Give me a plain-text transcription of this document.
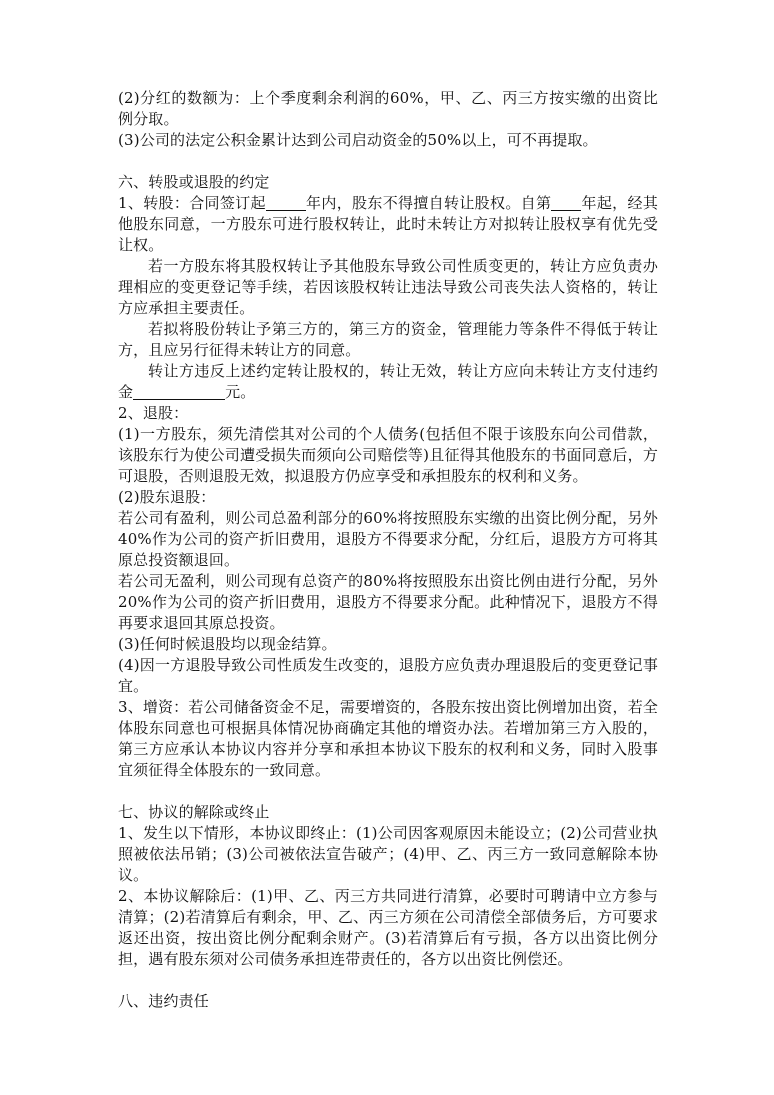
(2)分红的数额为：上个季度剩余利润的60%，甲、乙、丙三方按实缴的出资比例分取。

(3)公司的法定公积金累计达到公司启动资金的50%以上，可不再提取。

六、转股或退股的约定

1、转股：合同签订起	年内，股东不得擅自转让股权。自第 年起，经其他股东同意，一方股东可进行股权转让，此时未转让方对拟转让股权享有优先受让权。

若一方股东将其股权转让予其他股东导致公司性质变更的，转让方应负责办理相应的变更登记等手续，若因该股权转让违法导致公司丧失法人资格的，转让方应承担主要责任。

若拟将股份转让予第三方的，第三方的资金，管理能力等条件不得低于转让方，且应另行征得未转让方的同意。

转让方违反上述约定转让股权的，转让无效，转让方应向未转让方支付违约金	元。

2、退股：

(1)一方股东，须先清偿其对公司的个人债务(包括但不限于该股东向公司借款，该股东行为使公司遭受损失而须向公司赔偿等)且征得其他股东的书面同意后，方可退股，否则退股无效，拟退股方仍应享受和承担股东的权利和义务。

(2)股东退股：

若公司有盈利，则公司总盈利部分的60%将按照股东实缴的出资比例分配，另外40%作为公司的资产折旧费用，退股方不得要求分配，分红后，退股方方可将其原总投资额退回。

若公司无盈利，则公司现有总资产的80%将按照股东出资比例由进行分配，另外20%作为公司的资产折旧费用，退股方不得要求分配。此种情况下，退股方不得再要求退回其原总投资。

(3)任何时候退股均以现金结算。

(4)因一方退股导致公司性质发生改变的，退股方应负责办理退股后的变更登记事宜。

3、增资：若公司储备资金不足，需要增资的，各股东按出资比例增加出资，若全体股东同意也可根据具体情况协商确定其他的增资办法。若增加第三方入股的，第三方应承认本协议内容并分享和承担本协议下股东的权利和义务，同时入股事宜须征得全体股东的一致同意。

七、协议的解除或终止

1、发生以下情形，本协议即终止：(1)公司因客观原因未能设立；(2)公司营业执照被依法吊销；(3)公司被依法宣告破产；(4)甲、乙、丙三方一致同意解除本协议。

2、本协议解除后：(1)甲、乙、丙三方共同进行清算，必要时可聘请中立方参与清算；(2)若清算后有剩余，甲、乙、丙三方须在公司清偿全部债务后，方可要求返还出资，按出资比例分配剩余财产。(3)若清算后有亏损，各方以出资比例分担，遇有股东须对公司债务承担连带责任的，各方以出资比例偿还。

八、违约责任
